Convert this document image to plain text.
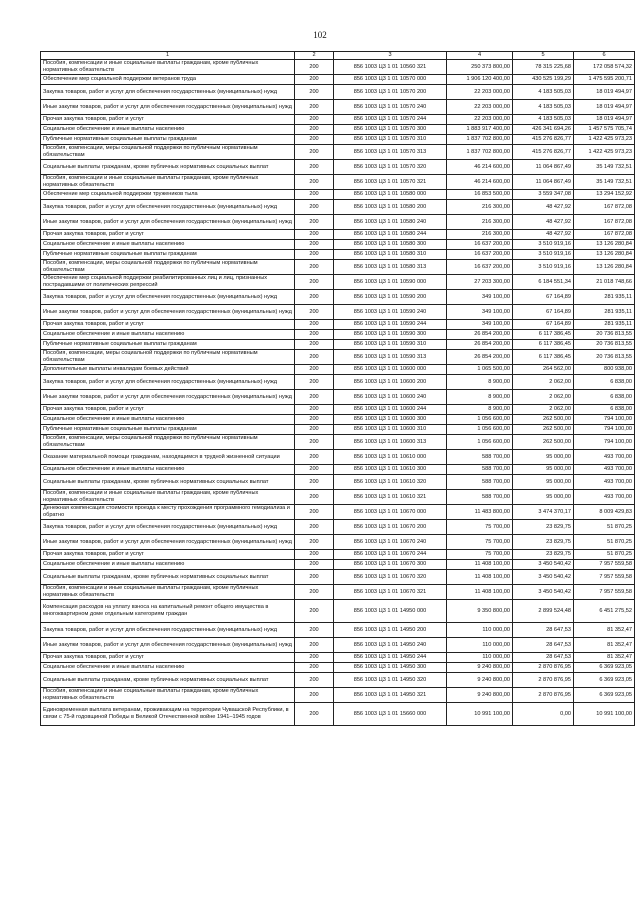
102
1	2	3	4	5	6
Пособия, компенсации и иные социальные выплаты гражданам, кроме публичных нормативных обязательств	200	856 1003 Ц3 1 01 10560 321	250 373 800,00	78 315 225,68	172 058 574,32
Обеспечение мер социальной поддержки ветеранов труда	200	856 1003 Ц3 1 01 10570 000	1 906 120 400,00	430 525 199,29	1 475 595 200,71
Закупка товаров, работ и услуг для обеспечения государственных (муниципальных) нужд	200	856 1003 Ц3 1 01 10570 200	22 203 000,00	4 183 505,03	18 019 494,97
Иные закупки товаров, работ и услуг для обеспечения государственных (муниципальных) нужд	200	856 1003 Ц3 1 01 10570 240	22 203 000,00	4 183 505,03	18 019 494,97
Прочая закупка товаров, работ и услуг	200	856 1003 Ц3 1 01 10570 244	22 203 000,00	4 183 505,03	18 019 494,97
Социальное обеспечение и иные выплаты населению	200	856 1003 Ц3 1 01 10570 300	1 883 917 400,00	426 341 694,26	1 457 575 705,74
Публичные нормативные социальные выплаты гражданам	200	856 1003 Ц3 1 01 10570 310	1 837 702 800,00	415 276 826,77	1 422 425 973,23
Пособия, компенсации, меры социальной поддержки по публичным нормативным обязательствам	200	856 1003 Ц3 1 01 10570 313	1 837 702 800,00	415 276 826,77	1 422 425 973,23
Социальные выплаты гражданам, кроме публичных нормативных социальных выплат	200	856 1003 Ц3 1 01 10570 320	46 214 600,00	11 064 867,49	35 149 732,51
Пособия, компенсации и иные социальные выплаты гражданам, кроме публичных нормативных обязательств	200	856 1003 Ц3 1 01 10570 321	46 214 600,00	11 064 867,49	35 149 732,51
Обеспечение мер социальной поддержки тружеников тыла	200	856 1003 Ц3 1 01 10580 000	16 853 500,00	3 559 347,08	13 294 152,92
Закупка товаров, работ и услуг для обеспечения государственных (муниципальных) нужд	200	856 1003 Ц3 1 01 10580 200	216 300,00	48 427,92	167 872,08
Иные закупки товаров, работ и услуг для обеспечения государственных (муниципальных) нужд	200	856 1003 Ц3 1 01 10580 240	216 300,00	48 427,92	167 872,08
Прочая закупка товаров, работ и услуг	200	856 1003 Ц3 1 01 10580 244	216 300,00	48 427,92	167 872,08
Социальное обеспечение и иные выплаты населению	200	856 1003 Ц3 1 01 10580 300	16 637 200,00	3 510 919,16	13 126 280,84
Публичные нормативные социальные выплаты гражданам	200	856 1003 Ц3 1 01 10580 310	16 637 200,00	3 510 919,16	13 126 280,84
Пособия, компенсации, меры социальной поддержки по публичным нормативным обязательствам	200	856 1003 Ц3 1 01 10580 313	16 637 200,00	3 510 919,16	13 126 280,84
Обеспечение мер социальной поддержки реабилитированных лиц и лиц, признанных пострадавшими от политических репрессий	200	856 1003 Ц3 1 01 10590 000	27 203 300,00	6 184 551,34	21 018 748,66
Закупка товаров, работ и услуг для обеспечения государственных (муниципальных) нужд	200	856 1003 Ц3 1 01 10590 200	349 100,00	67 164,89	281 935,11
Иные закупки товаров, работ и услуг для обеспечения государственных (муниципальных) нужд	200	856 1003 Ц3 1 01 10590 240	349 100,00	67 164,89	281 935,11
Прочая закупка товаров, работ и услуг	200	856 1003 Ц3 1 01 10590 244	349 100,00	67 164,89	281 935,11
Социальное обеспечение и иные выплаты населению	200	856 1003 Ц3 1 01 10590 300	26 854 200,00	6 117 386,45	20 736 813,55
Публичные нормативные социальные выплаты гражданам	200	856 1003 Ц3 1 01 10590 310	26 854 200,00	6 117 386,45	20 736 813,55
Пособия, компенсации, меры социальной поддержки по публичным нормативным обязательствам	200	856 1003 Ц3 1 01 10590 313	26 854 200,00	6 117 386,45	20 736 813,55
Дополнительные выплаты инвалидам боевых действий	200	856 1003 Ц3 1 01 10600 000	1 065 500,00	264 562,00	800 938,00
Закупка товаров, работ и услуг для обеспечения государственных (муниципальных) нужд	200	856 1003 Ц3 1 01 10600 200	8 900,00	2 062,00	6 838,00
Иные закупки товаров, работ и услуг для обеспечения государственных (муниципальных) нужд	200	856 1003 Ц3 1 01 10600 240	8 900,00	2 062,00	6 838,00
Прочая закупка товаров, работ и услуг	200	856 1003 Ц3 1 01 10600 244	8 900,00	2 062,00	6 838,00
Социальное обеспечение и иные выплаты населению	200	856 1003 Ц3 1 01 10600 300	1 056 600,00	262 500,00	794 100,00
Публичные нормативные социальные выплаты гражданам	200	856 1003 Ц3 1 01 10600 310	1 056 600,00	262 500,00	794 100,00
Пособия, компенсации, меры социальной поддержки по публичным нормативным обязательствам	200	856 1003 Ц3 1 01 10600 313	1 056 600,00	262 500,00	794 100,00
Оказание материальной помощи гражданам, находящимся в трудной жизненной ситуации	200	856 1003 Ц3 1 01 10610 000	588 700,00	95 000,00	493 700,00
Социальное обеспечение и иные выплаты населению	200	856 1003 Ц3 1 01 10610 300	588 700,00	95 000,00	493 700,00
Социальные выплаты гражданам, кроме публичных нормативных социальных выплат	200	856 1003 Ц3 1 01 10610 320	588 700,00	95 000,00	493 700,00
Пособия, компенсации и иные социальные выплаты гражданам, кроме публичных нормативных обязательств	200	856 1003 Ц3 1 01 10610 321	588 700,00	95 000,00	493 700,00
Денежная компенсация стоимости проезда к месту прохождения программного гемодиализа и обратно	200	856 1003 Ц3 1 01 10670 000	11 483 800,00	3 474 370,17	8 009 429,83
Закупка товаров, работ и услуг для обеспечения государственных (муниципальных) нужд	200	856 1003 Ц3 1 01 10670 200	75 700,00	23 829,75	51 870,25
Иные закупки товаров, работ и услуг для обеспечения государственных (муниципальных) нужд	200	856 1003 Ц3 1 01 10670 240	75 700,00	23 829,75	51 870,25
Прочая закупка товаров, работ и услуг	200	856 1003 Ц3 1 01 10670 244	75 700,00	23 829,75	51 870,25
Социальное обеспечение и иные выплаты населению	200	856 1003 Ц3 1 01 10670 300	11 408 100,00	3 450 540,42	7 957 559,58
Социальные выплаты гражданам, кроме публичных нормативных социальных выплат	200	856 1003 Ц3 1 01 10670 320	11 408 100,00	3 450 540,42	7 957 559,58
Пособия, компенсации и иные социальные выплаты гражданам, кроме публичных нормативных обязательств	200	856 1003 Ц3 1 01 10670 321	11 408 100,00	3 450 540,42	7 957 559,58
Компенсация расходов на уплату взноса на капитальный ремонт общего имущества в многоквартирном доме отдельным категориям граждан	200	856 1003 Ц3 1 01 14950 000	9 350 800,00	2 899 524,48	6 451 275,52
Закупка товаров, работ и услуг для обеспечения государственных (муниципальных) нужд	200	856 1003 Ц3 1 01 14950 200	110 000,00	28 647,53	81 352,47
Иные закупки товаров, работ и услуг для обеспечения государственных (муниципальных) нужд	200	856 1003 Ц3 1 01 14950 240	110 000,00	28 647,53	81 352,47
Прочая закупка товаров, работ и услуг	200	856 1003 Ц3 1 01 14950 244	110 000,00	28 647,53	81 352,47
Социальное обеспечение и иные выплаты населению	200	856 1003 Ц3 1 01 14950 300	9 240 800,00	2 870 876,95	6 369 923,05
Социальные выплаты гражданам, кроме публичных нормативных социальных выплат	200	856 1003 Ц3 1 01 14950 320	9 240 800,00	2 870 876,95	6 369 923,05
Пособия, компенсации и иные социальные выплаты гражданам, кроме публичных нормативных обязательств	200	856 1003 Ц3 1 01 14950 321	9 240 800,00	2 870 876,95	6 369 923,05
Единовременная выплата ветеранам, проживающим на территории Чувашской Республики, в связи с 75-й годовщиной Победы в Великой Отечественной войне 1941–1945 годов	200	856 1003 Ц3 1 01 15660 000	10 991 100,00	0,00	10 991 100,00
